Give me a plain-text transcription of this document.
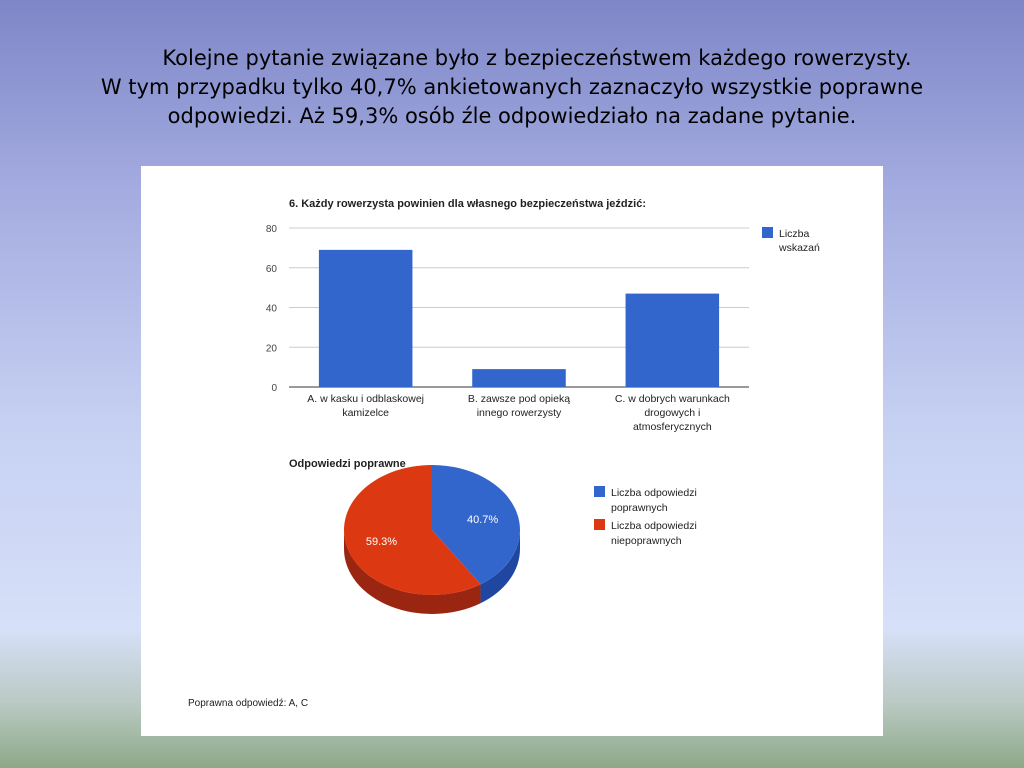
Kolejne pytanie związane było z bezpieczeństwem każdego rowerzysty.
W tym przypadku tylko 40,7% ankietowanych zaznaczyło wszystkie poprawne
odpowiedzi. Aż 59,3% osób źle odpowiedziało na zadane pytanie.
6. Każdy rowerzysta powinien dla własnego bezpieczeństwa jeździć:
0
20
40
60
80
A. w kasku i odblaskowej
kamizelce
B. zawsze pod opieką
innego rowerzysty
C. w dobrych warunkach
drogowych i
atmosferycznych
Liczba
wskazań
Odpowiedzi poprawne
40.7%
59.3%
Liczba odpowiedzi
poprawnych
Liczba odpowiedzi
niepoprawnych
Poprawna odpowiedź: A, C
